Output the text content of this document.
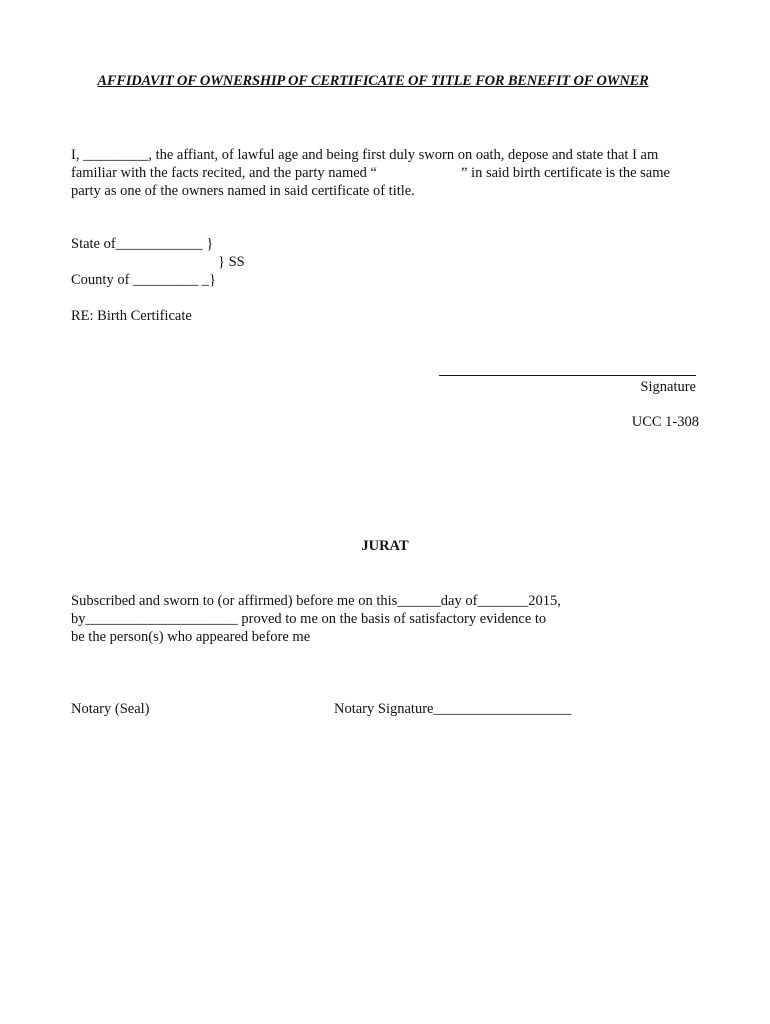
AFFIDAVIT OF OWNERSHIP OF CERTIFICATE OF TITLE FOR BENEFIT OF OWNER
I, _________, the affiant, of lawful age and being first duly sworn on oath, depose and state that I am
familiar with the facts recited, and the party named “	” in said birth certificate is the same
party as one of the owners named in said certificate of title.
State of____________ }
} SS
County of _________ _}
RE: Birth Certificate
Signature
UCC 1-308
JURAT
Subscribed and sworn to (or affirmed) before me on this______day of_______2015,
by_____________________ proved to me on the basis of satisfactory evidence to
be the person(s) who appeared before me
Notary (Seal)	Notary Signature___________________
